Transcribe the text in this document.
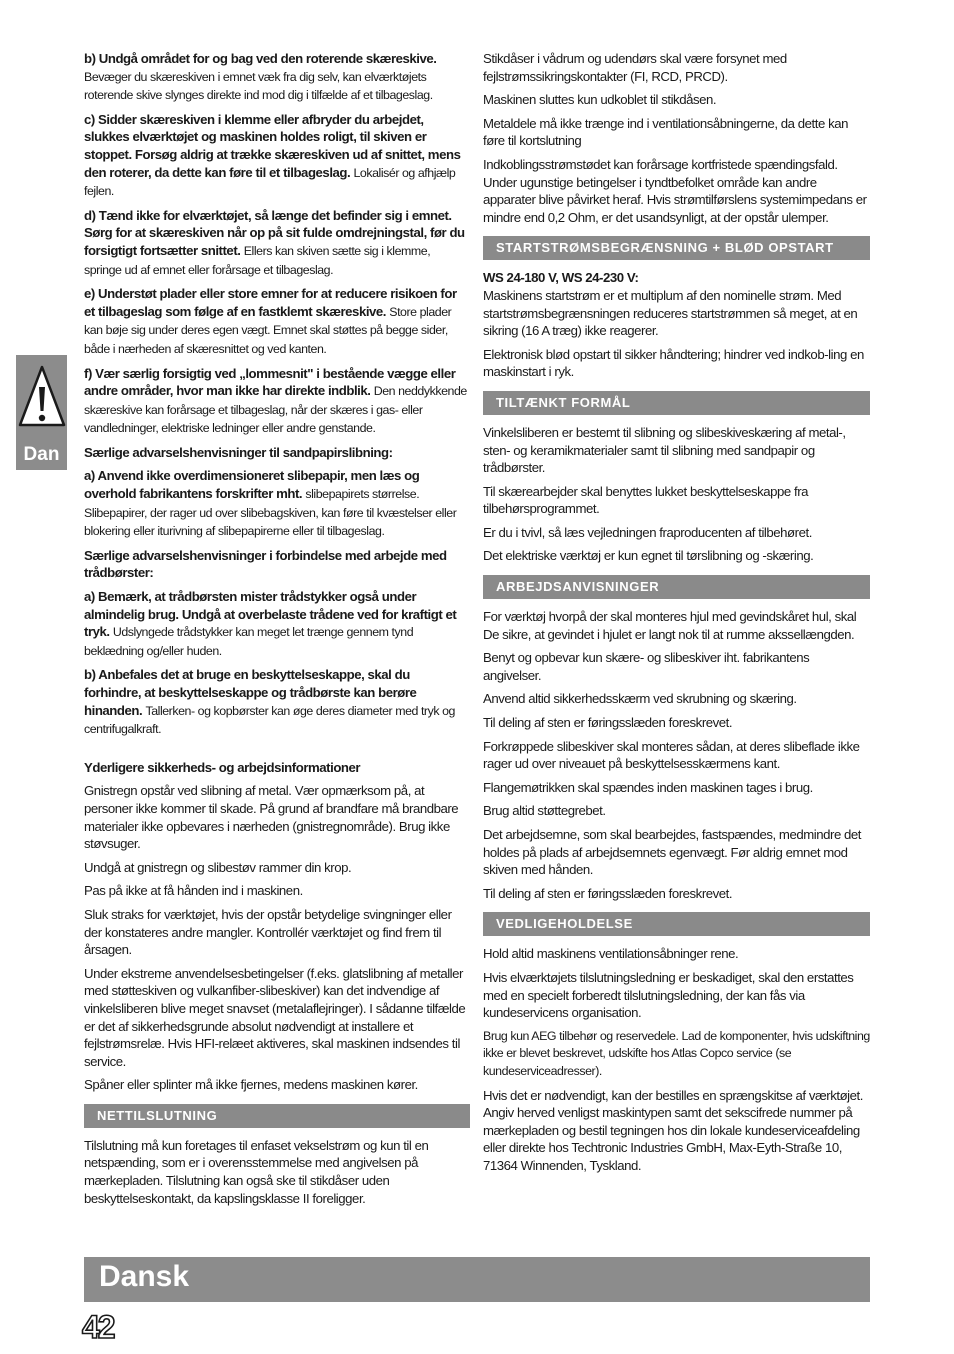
Dan

b) Undgå området for og bag ved den roterende skæreskive. Bevæger du skæreskiven i emnet væk fra dig selv, kan elværktøjets roterende skive slynges direkte ind mod dig i tilfælde af et tilbageslag.

c) Sidder skæreskiven i klemme eller afbryder du arbejdet, slukkes elværktøjet og maskinen holdes roligt, til skiven er stoppet. Forsøg aldrig at trække skæreskiven ud af snittet, mens den roterer, da dette kan føre til et tilbageslag. Lokalisér og afhjælp fejlen.

d) Tænd ikke for elværktøjet, så længe det befinder sig i emnet. Sørg for at skæreskiven når op på sit fulde omdrejningstal, før du forsigtigt fortsætter snittet. Ellers kan skiven sætte sig i klemme, springe ud af emnet eller forårsage et tilbageslag.

e) Understøt plader eller store emner for at reducere risikoen for et tilbageslag som følge af en fastklemt skæreskive. Store plader kan bøje sig under deres egen vægt. Emnet skal støttes på begge sider, både i nærheden af skæresnittet og ved kanten.

f) Vær særlig forsigtig ved „lommesnit" i bestående vægge eller andre områder, hvor man ikke har direkte indblik. Den neddykkende skæreskive kan forårsage et tilbageslag, når der skæres i gas- eller vandledninger, elektriske ledninger eller andre genstande.

Særlige advarselshenvisninger til sandpapirslibning:

a) Anvend ikke overdimensioneret slibepapir, men læs og overhold fabrikantens forskrifter mht. slibepapirets størrelse. Slibepapirer, der rager ud over slibebagskiven, kan føre til kvæstelser eller blokering eller iturivning af slibepapirerne eller til tilbageslag.

Særlige advarselshenvisninger i forbindelse med arbejde med trådbørster:

a) Bemærk, at trådbørsten mister trådstykker også under almindelig brug. Undgå at overbelaste trådene ved for kraftigt et tryk. Udslyngede trådstykker kan meget let trænge gennem tynd beklædning og/eller huden.

b) Anbefales det at bruge en beskyttelseskappe, skal du forhindre, at beskyttelseskappe og trådbørste kan berøre hinanden. Tallerken- og kopbørster kan øge deres diameter med tryk og centrifugalkraft.

Yderligere sikkerheds- og arbejdsinformationer

Gnistregn opstår ved slibning af metal. Vær opmærksom på, at personer ikke kommer til skade. På grund af brandfare må brandbare materialer ikke opbevares i nærheden (gnistregnområde). Brug ikke støvsuger.

Undgå at gnistregn og slibestøv rammer din krop.

Pas på ikke at få hånden ind i maskinen.

Sluk straks for værktøjet, hvis der opstår betydelige svingninger eller der konstateres andre mangler. Kontrollér værktøjet og find frem til årsagen.

Under ekstreme anvendelsesbetingelser (f.eks. glatslibning af metaller med støtteskiven og vulkanfiber-slibeskiver) kan det indvendige af vinkelsliberen blive meget snavset (metalaflejringer). I sådanne tilfælde er det af sikkerhedsgrunde absolut nødvendigt at installere et fejlstrømsrelæ. Hvis HFI-relæet aktiveres, skal maskinen indsendes til service.

Spåner eller splinter må ikke fjernes, medens maskinen kører.

NETTILSLUTNING

Tilslutning må kun foretages til enfaset vekselstrøm og kun til en netspænding, som er i overensstemmelse med angivelsen på mærkepladen. Tilslutning kan også ske til stikdåser uden beskyttelseskontakt, da kapslingsklasse II foreligger.

Stikdåser i vådrum og udendørs skal være forsynet med fejlstrømssikringskontakter (FI, RCD, PRCD).

Maskinen sluttes kun udkoblet til stikdåsen.

Metaldele må ikke trænge ind i ventilationsåbningerne, da dette kan føre til kortslutning

Indkoblingsstrømstødet kan forårsage kortfristede spændingsfald. Under ugunstige betingelser i tyndtbefolket område kan andre apparater blive påvirket heraf. Hvis strømtilførslens systemimpedans er mindre end 0,2 Ohm, er det usandsynligt, at der opstår ulemper.

STARTSTRØMSBEGRÆNSNING + BLØD OPSTART

WS 24-180 V, WS 24-230 V:

Maskinens startstrøm er et multiplum af den nominelle strøm. Med startstrømsbegrænsningen reduceres startstrømmen så meget, at en sikring (16 A træg) ikke reagerer.

Elektronisk blød opstart til sikker håndtering; hindrer ved indkob-ling en maskinstart i ryk.

TILTÆNKT FORMÅL

Vinkelsliberen er bestemt til slibning og slibeskiveskæring af metal-, sten- og keramikmaterialer samt til slibning med sandpapir og trådbørster.

Til skærearbejder skal benyttes lukket beskyttelseskappe fra tilbehørsprogrammet.

Er du i tvivl, så læs vejledningen fraproducenten af tilbehøret.

Det elektriske værktøj er kun egnet til tørslibning og -skæring.

ARBEJDSANVISNINGER

For værktøj hvorpå der skal monteres hjul med gevindskåret hul, skal De sikre, at gevindet i hjulet er langt nok til at rumme akssellængden.

Benyt og opbevar kun skære- og slibeskiver iht. fabrikantens angivelser.

Anvend altid sikkerhedsskærm ved skrubning og skæring.

Til deling af sten er føringsslæden foreskrevet.

Forkrøppede slibeskiver skal monteres sådan, at deres slibeflade ikke rager ud over niveauet på beskyttelsesskærmens kant.

Flangemøtrikken skal spændes inden maskinen tages i brug.

Brug altid støttegrebet.

Det arbejdsemne, som skal bearbejdes, fastspændes, medmindre det holdes på plads af arbejdsemnets egenvægt. Før aldrig emnet mod skiven med hånden.

Til deling af sten er føringsslæden foreskrevet.

VEDLIGEHOLDELSE

Hold altid maskinens ventilationsåbninger rene.

Hvis elværktøjets tilslutningsledning er beskadiget, skal den erstattes med en specielt forberedt tilslutningsledning, der kan fås via kundeservicens organisation.

Brug kun AEG tilbehør og reservedele. Lad de komponenter, hvis udskiftning ikke er blevet beskrevet, udskifte hos Atlas Copco service (se kundeserviceadresser).

Hvis det er nødvendigt, kan der bestilles en sprængskitse af værktøjet. Angiv herved venligst maskintypen samt det sekscifrede nummer på mærkepladen og bestil tegningen hos din lokale kundeserviceafdeling eller direkte hos Techtronic Industries GmbH, Max-Eyth-Straße 10, 71364 Winnenden, Tyskland.

Dansk
42
